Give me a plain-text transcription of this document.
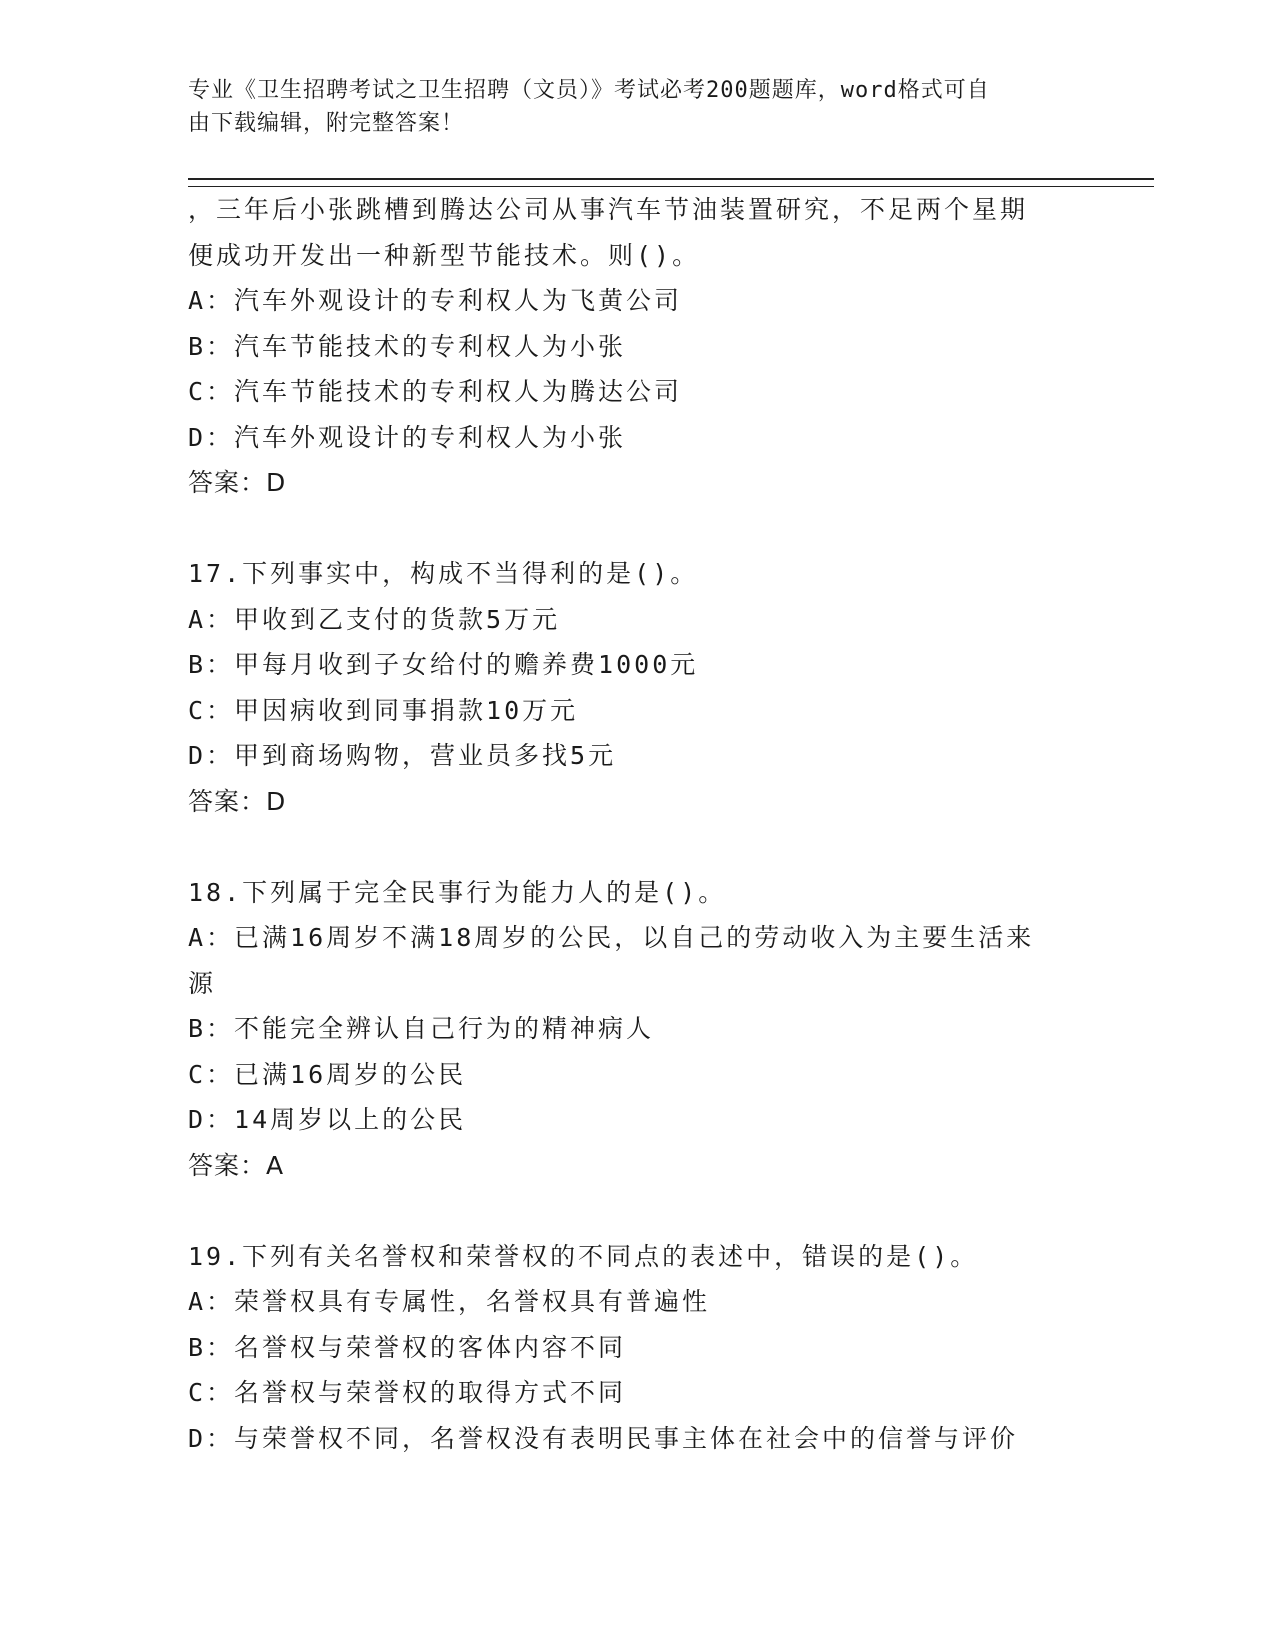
专业《卫生招聘考试之卫生招聘（文员）》考试必考200题题库，word格式可自
由下载编辑，附完整答案！
，三年后小张跳槽到腾达公司从事汽车节油装置研究，不足两个星期
便成功开发出一种新型节能技术。则()。
A：汽车外观设计的专利权人为飞黄公司
B：汽车节能技术的专利权人为小张
C：汽车节能技术的专利权人为腾达公司
D：汽车外观设计的专利权人为小张
答案：D
17.下列事实中，构成不当得利的是()。
A：甲收到乙支付的货款5万元
B：甲每月收到子女给付的赡养费1000元
C：甲因病收到同事捐款10万元
D：甲到商场购物，营业员多找5元
答案：D
18.下列属于完全民事行为能力人的是()。
A：已满16周岁不满18周岁的公民，以自己的劳动收入为主要生活来
源
B：不能完全辨认自己行为的精神病人
C：已满16周岁的公民
D：14周岁以上的公民
答案：A
19.下列有关名誉权和荣誉权的不同点的表述中，错误的是()。
A：荣誉权具有专属性，名誉权具有普遍性
B：名誉权与荣誉权的客体内容不同
C：名誉权与荣誉权的取得方式不同
D：与荣誉权不同，名誉权没有表明民事主体在社会中的信誉与评价
